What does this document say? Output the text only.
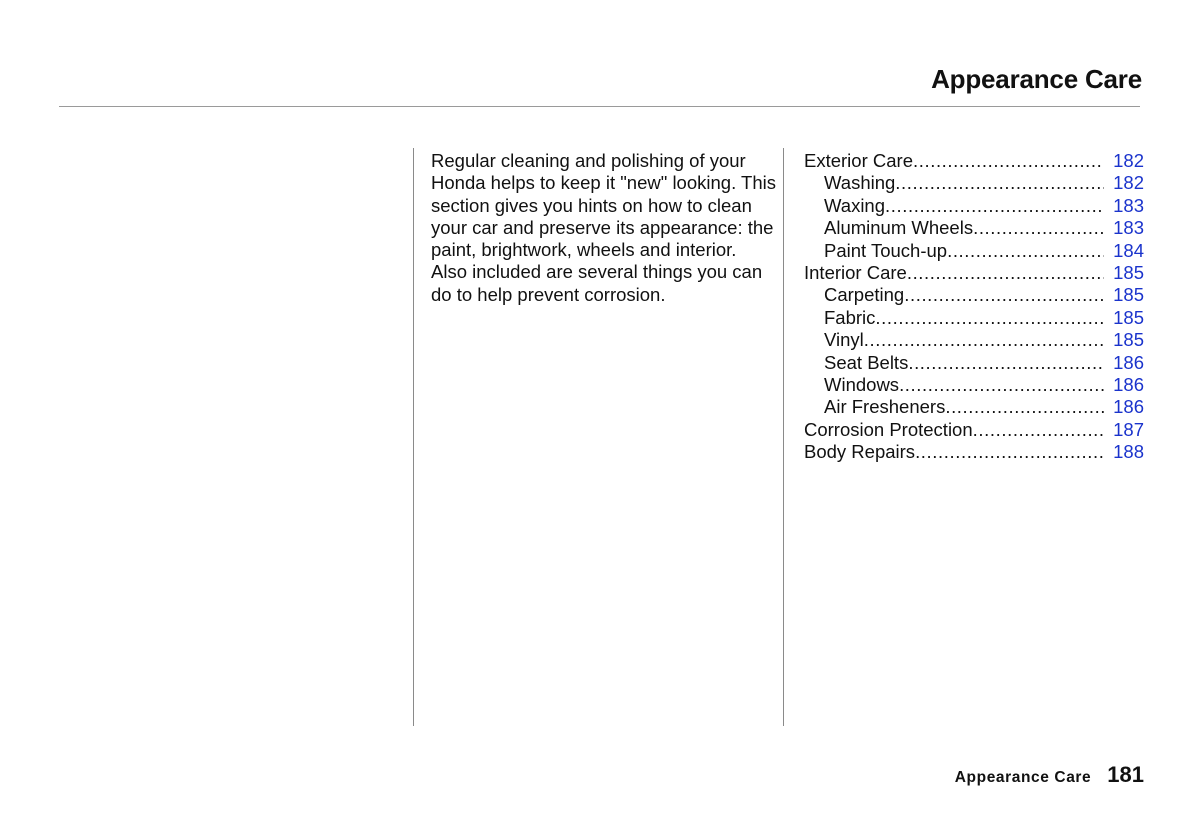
Appearance Care

Regular cleaning and polishing of your Honda helps to keep it "new" looking. This section gives you hints on how to clean your car and preserve its appearance: the paint, brightwork, wheels and interior. Also included are several things you can do to help prevent corrosion.

Exterior Care .....	182
Washing .....	182
Waxing .....	183
Aluminum Wheels .....	183
Paint Touch-up .....	184
Interior Care .....	185
Carpeting .....	185
Fabric .....	185
Vinyl .....	185
Seat Belts .....	186
Windows .....	186
Air Fresheners .....	186
Corrosion Protection .....	187
Body Repairs .....	188
Appearance Care 181
